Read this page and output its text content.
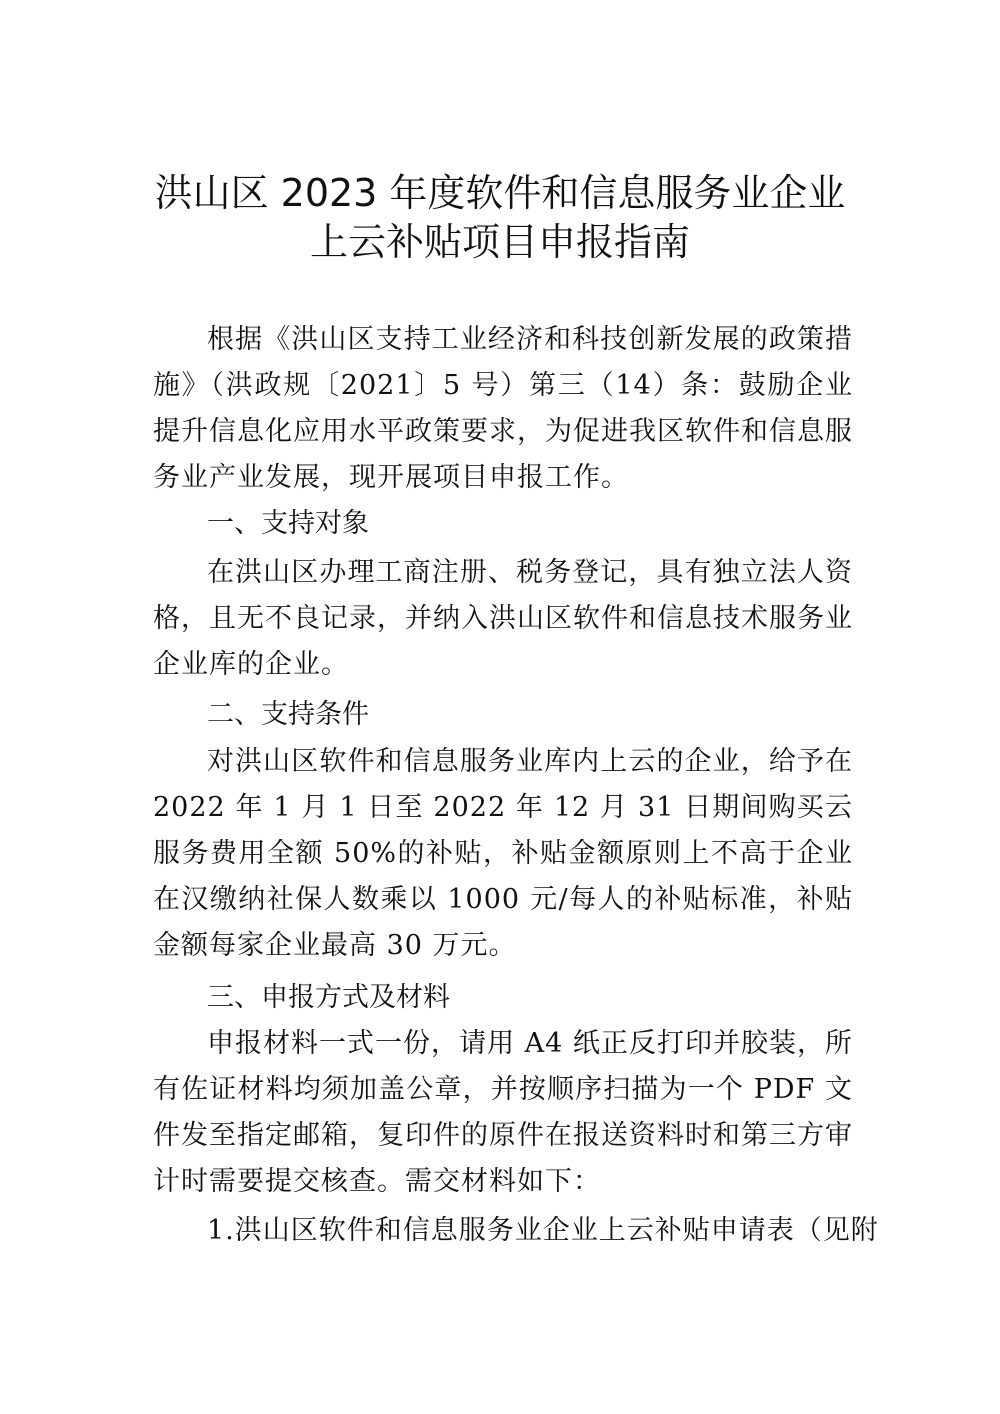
洪山区 2023 年度软件和信息服务业企业
上云补贴项目申报指南

根据《洪山区支持工业经济和科技创新发展的政策措施》（洪政规〔2021〕5 号）第三（14）条：鼓励企业提升信息化应用水平政策要求，为促进我区软件和信息服务业产业发展，现开展项目申报工作。

一、支持对象

在洪山区办理工商注册、税务登记，具有独立法人资格，且无不良记录，并纳入洪山区软件和信息技术服务业企业库的企业。

二、支持条件

对洪山区软件和信息服务业库内上云的企业，给予在 2022 年 1 月 1 日至 2022 年 12 月 31 日期间购买云服务费用全额 50%的补贴，补贴金额原则上不高于企业在汉缴纳社保人数乘以 1000 元/每人的补贴标准，补贴金额每家企业最高 30 万元。

三、申报方式及材料

申报材料一式一份，请用 A4 纸正反打印并胶装，所有佐证材料均须加盖公章，并按顺序扫描为一个 PDF 文件发至指定邮箱，复印件的原件在报送资料时和第三方审计时需要提交核查。需交材料如下：

1.洪山区软件和信息服务业企业上云补贴申请表（见附
